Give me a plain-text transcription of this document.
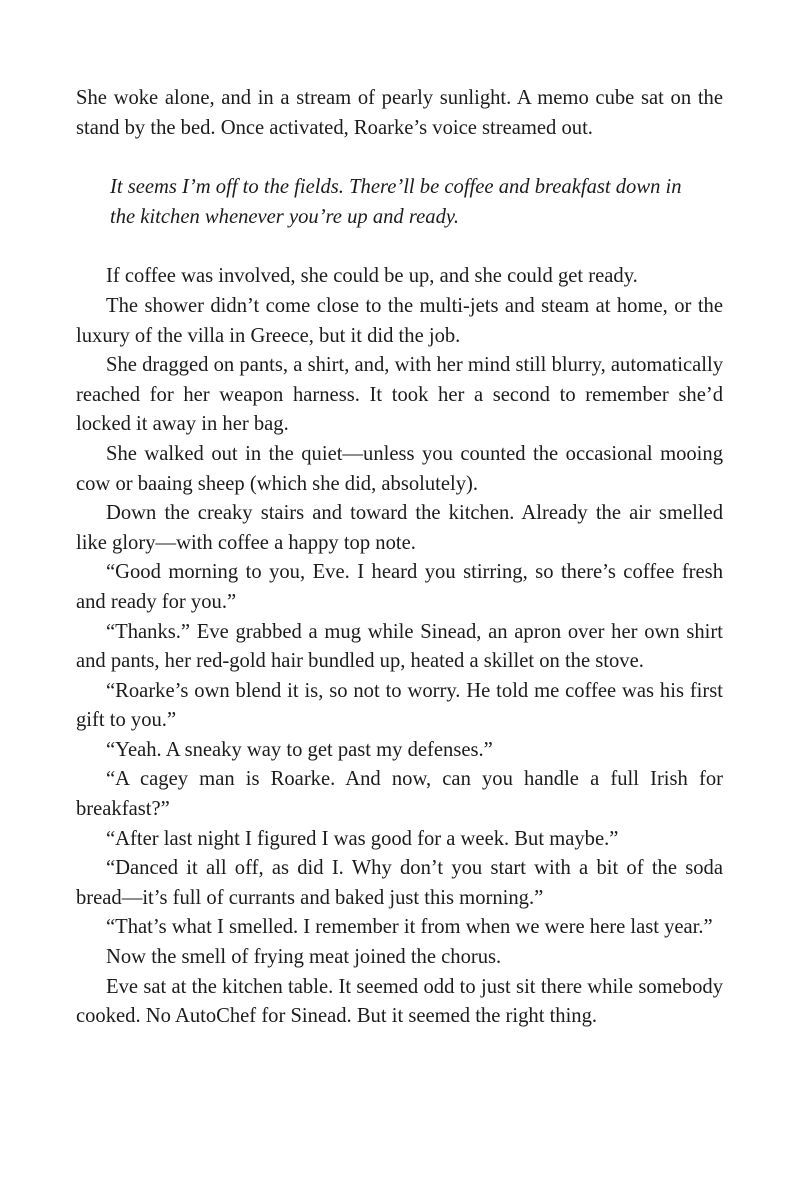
She woke alone, and in a stream of pearly sunlight. A memo cube sat on the stand by the bed. Once activated, Roarke’s voice streamed out.

It seems I’m off to the fields. There’ll be coffee and breakfast down in the kitchen whenever you’re up and ready.

If coffee was involved, she could be up, and she could get ready.

The shower didn’t come close to the multi-jets and steam at home, or the luxury of the villa in Greece, but it did the job.

She dragged on pants, a shirt, and, with her mind still blurry, automatically reached for her weapon harness. It took her a second to remember she’d locked it away in her bag.

She walked out in the quiet—unless you counted the occasional mooing cow or baaing sheep (which she did, absolutely).

Down the creaky stairs and toward the kitchen. Already the air smelled like glory—with coffee a happy top note.

“Good morning to you, Eve. I heard you stirring, so there’s coffee fresh and ready for you.”

“Thanks.” Eve grabbed a mug while Sinead, an apron over her own shirt and pants, her red-gold hair bundled up, heated a skillet on the stove.

“Roarke’s own blend it is, so not to worry. He told me coffee was his first gift to you.”

“Yeah. A sneaky way to get past my defenses.”

“A cagey man is Roarke. And now, can you handle a full Irish for breakfast?”

“After last night I figured I was good for a week. But maybe.”

“Danced it all off, as did I. Why don’t you start with a bit of the soda bread—it’s full of currants and baked just this morning.”

“That’s what I smelled. I remember it from when we were here last year.”

Now the smell of frying meat joined the chorus.

Eve sat at the kitchen table. It seemed odd to just sit there while somebody cooked. No AutoChef for Sinead. But it seemed the right thing.
